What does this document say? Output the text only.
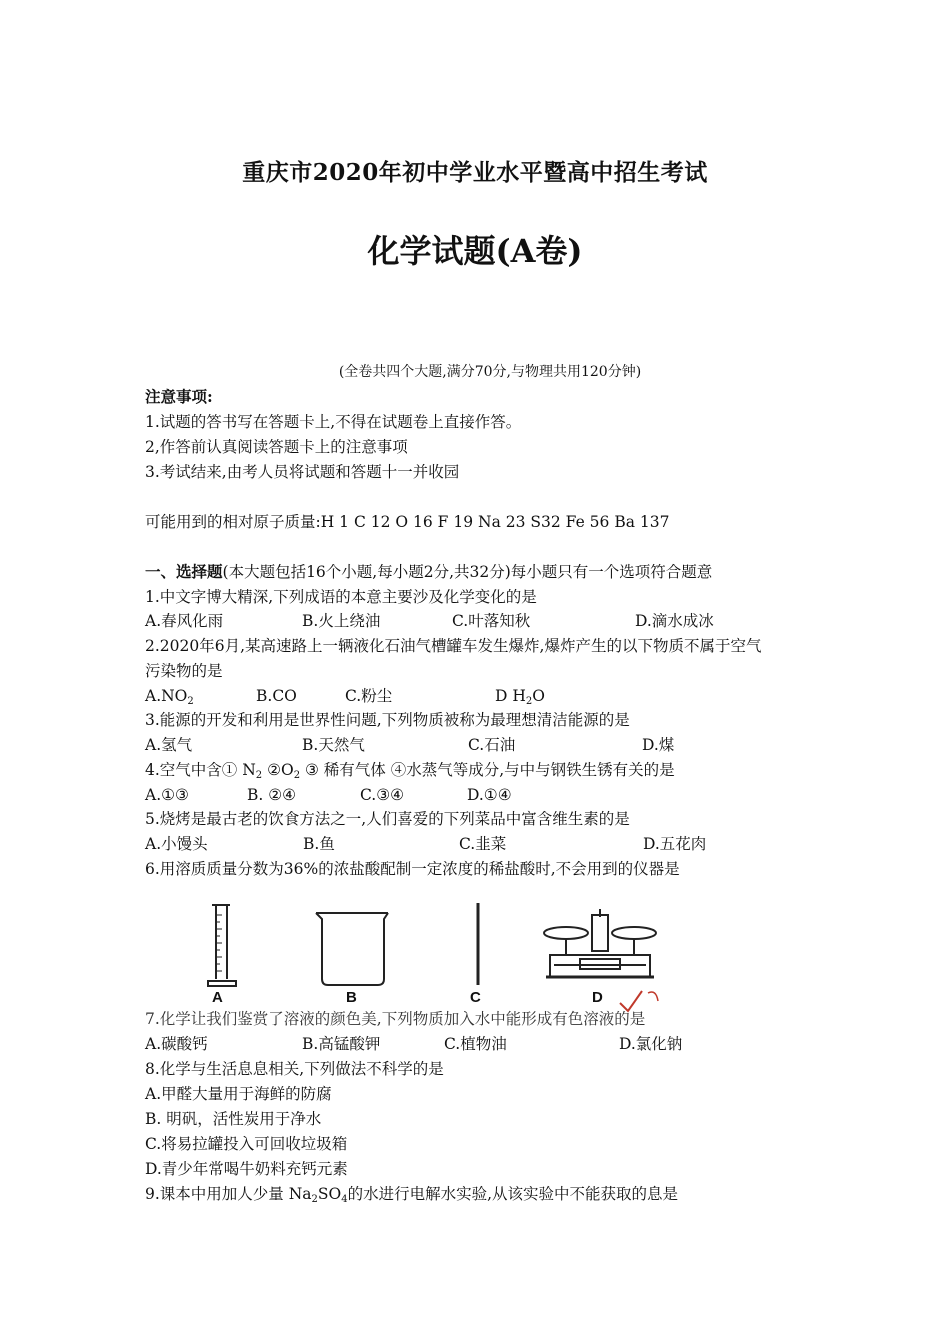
重庆市2020年初中学业水平暨高中招生考试
化学试题(A卷)
(全卷共四个大题,满分70分,与物理共用120分钟)
注意事项:
1.试题的答书写在答题卡上,不得在试题卷上直接作答。
2,作答前认真阅读答题卡上的注意事项
3.考试结来,由考人员将试题和答题十一并收园
可能用到的相对原子质量:H 1 C 12 O 16 F 19 Na 23 S32 Fe 56 Ba 137
一、选择题(本大题包括16个小题,每小题2分,共32分)每小题只有一个选项符合题意
1.中文字博大精深,下列成语的本意主要沙及化学变化的是
A.春风化雨	B.火上绕油	C.叶落知秋	D.滴水成冰
2.2020年6月,某高速路上一辆液化石油气槽罐车发生爆炸,爆炸产生的以下物质不属于空气
污染物的是
$A.NO_2$	B.CO	C.粉尘	D $H_2O$
3.能源的开发和利用是世界性问题,下列物质被称为最理想清洁能源的是
A.氢气	B.天然气	C.石油	D.煤
4.空气中含① $N_2$ $②O_2$ ③ 稀有气体 ④水蒸气等成分,与中与钢铁生锈有关的是
A.①③	B. ②④	C.③④	D.①④
5.烧烤是最古老的饮食方法之一,人们喜爱的下列菜品中富含维生素的是
A.小馒头	B.鱼	C.韭菜	D.五花肉
6.用溶质质量分数为36%的浓盐酸配制一定浓度的稀盐酸时,不会用到的仪器是
A	B	C	D
7.化学让我们鉴赏了溶液的颜色美,下列物质加入水中能形成有色溶液的是
A.碳酸钙	B.高锰酸钾	C.植物油	D.氯化钠
8.化学与生活息息相关,下列做法不科学的是
A.甲醛大量用于海鲜的防腐
B. 明矾，活性炭用于净水
C.将易拉罐投入可回收垃圾箱
D.青少年常喝牛奶料充钙元素
9.课本中用加人少量 $Na_2SO_4$的水进行电解水实验,从该实验中不能获取的息是
